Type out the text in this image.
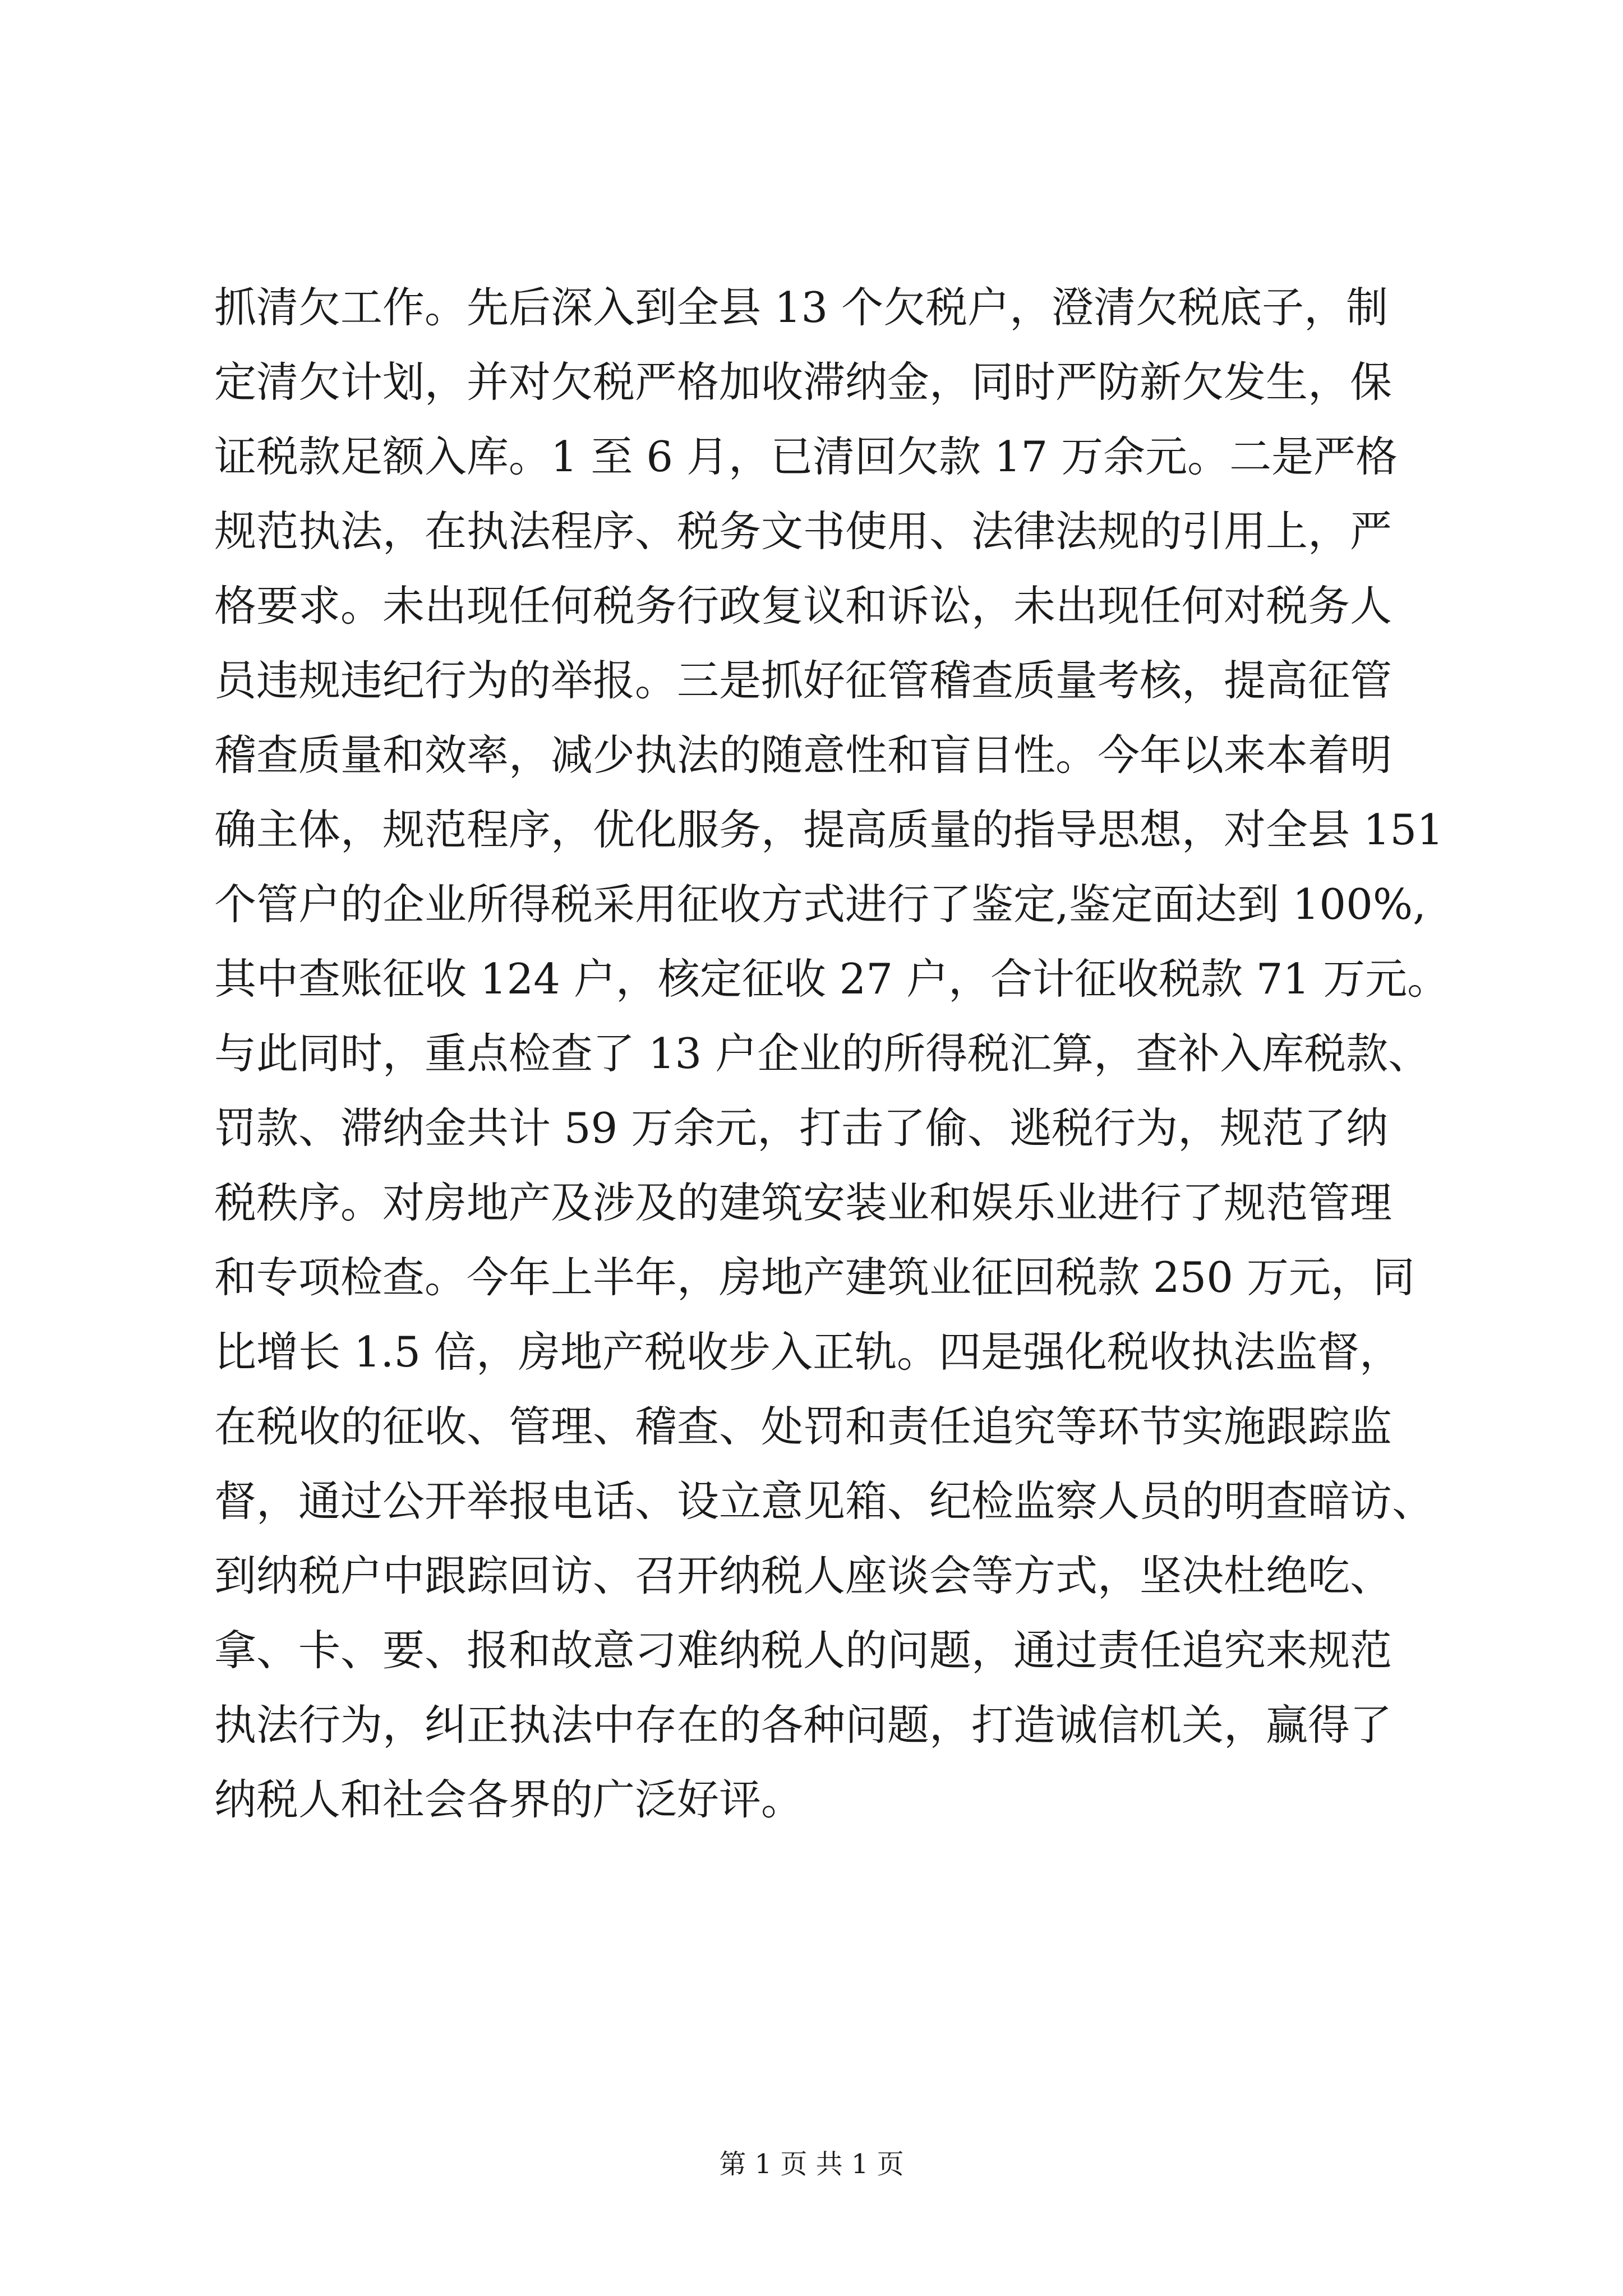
抓清欠工作。先后深入到全县 13 个欠税户，澄清欠税底子，制
定清欠计划，并对欠税严格加收滞纳金，同时严防新欠发生，保
证税款足额入库。1 至 6 月，已清回欠款 17 万余元。二是严格
规范执法，在执法程序、税务文书使用、法律法规的引用上，严
格要求。未出现任何税务行政复议和诉讼，未出现任何对税务人
员违规违纪行为的举报。三是抓好征管稽查质量考核，提高征管
稽查质量和效率，减少执法的随意性和盲目性。今年以来本着明
确主体，规范程序，优化服务，提高质量的指导思想，对全县 151
个管户的企业所得税采用征收方式进行了鉴定,鉴定面达到 100%,
其中查账征收 124 户，核定征收 27 户，合计征收税款 71 万元。
与此同时，重点检查了 13 户企业的所得税汇算，查补入库税款、
罚款、滞纳金共计 59 万余元，打击了偷、逃税行为，规范了纳
税秩序。对房地产及涉及的建筑安装业和娱乐业进行了规范管理
和专项检查。今年上半年，房地产建筑业征回税款 250 万元，同
比增长 1.5 倍，房地产税收步入正轨。四是强化税收执法监督，
在税收的征收、管理、稽查、处罚和责任追究等环节实施跟踪监
督，通过公开举报电话、设立意见箱、纪检监察人员的明查暗访、
到纳税户中跟踪回访、召开纳税人座谈会等方式，坚决杜绝吃、
拿、卡、要、报和故意刁难纳税人的问题，通过责任追究来规范
执法行为，纠正执法中存在的各种问题，打造诚信机关，赢得了
纳税人和社会各界的广泛好评。
第 1 页 共 1 页
